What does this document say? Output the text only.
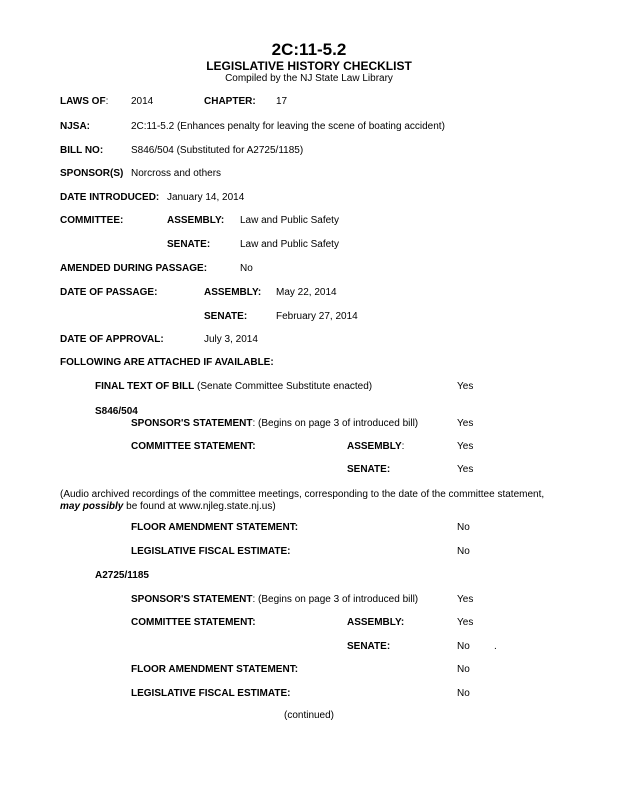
2C:11-5.2
LEGISLATIVE HISTORY CHECKLIST
Compiled by the NJ State Law Library
LAWS OF: 2014	CHAPTER: 17
NJSA:	2C:11-5.2 (Enhances penalty for leaving the scene of boating accident)
BILL NO:	S846/504 (Substituted for A2725/1185)
SPONSOR(S) Norcross and others
DATE INTRODUCED: January 14, 2014
COMMITTEE:	ASSEMBLY: Law and Public Safety
SENATE:	Law and Public Safety
AMENDED DURING PASSAGE:	No
DATE OF PASSAGE:	ASSEMBLY: May 22, 2014
SENATE:	February 27, 2014
DATE OF APPROVAL:	July 3, 2014
FOLLOWING ARE ATTACHED IF AVAILABLE:
FINAL TEXT OF BILL (Senate Committee Substitute enacted)	Yes
S846/504
SPONSOR'S STATEMENT: (Begins on page 3 of introduced bill)	Yes
COMMITTEE STATEMENT:	ASSEMBLY:	Yes
SENATE:	Yes
(Audio archived recordings of the committee meetings, corresponding to the date of the committee statement, may possibly be found at www.njleg.state.nj.us)
FLOOR AMENDMENT STATEMENT:	No
LEGISLATIVE FISCAL ESTIMATE:	No
A2725/1185
SPONSOR'S STATEMENT: (Begins on page 3 of introduced bill)	Yes
COMMITTEE STATEMENT:	ASSEMBLY:	Yes
SENATE:	No .
FLOOR AMENDMENT STATEMENT:	No
LEGISLATIVE FISCAL ESTIMATE:	No
(continued)
